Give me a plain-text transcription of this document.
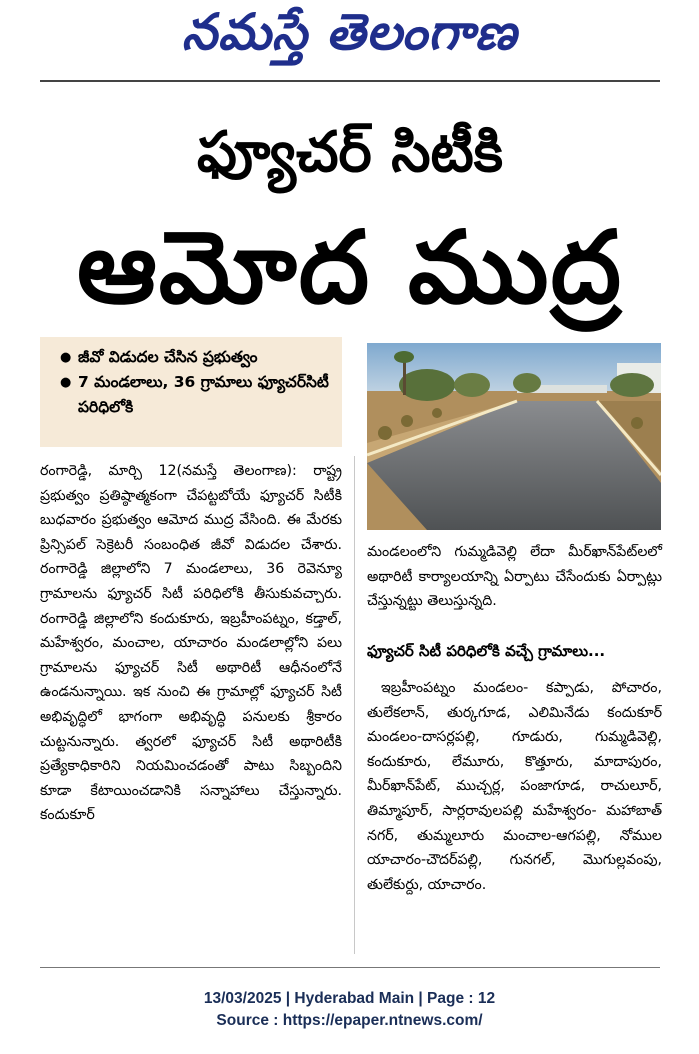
నమస్తే తెలంగాణ
ఫ్యూచర్ సిటీకి
ఆమోద ముద్ర
● జీవో విడుదల చేసిన ప్రభుత్వం
● 7 మండలాలు, 36 గ్రామాలు ఫ్యూచర్‌సిటీ పరిధిలోకి

రంగారెడ్డి, మార్చి 12(నమస్తే తెలంగాణ): రాష్ట్ర ప్రభుత్వం ప్రతిష్ఠాత్మకంగా చేపట్టబోయే ఫ్యూచర్ సిటీకి బుధవారం ప్రభుత్వం ఆమోద ముద్ర వేసింది. ఈ మేరకు ప్రిన్సిపల్ సెక్రెటరీ సంబంధిత జీవో విడుదల చేశారు. రంగారెడ్డి జిల్లాలోని 7 మండలాలు, 36 రెవెన్యూ గ్రామాలను ఫ్యూచర్ సిటీ పరిధిలోకి తీసుకువచ్చారు. రంగారెడ్డి జిల్లాలోని కందుకూరు, ఇబ్రహీంపట్నం, కడ్తాల్, మహేశ్వరం, మంచాల, యాచారం మండలాల్లోని పలు గ్రామాలను ఫ్యూచర్ సిటీ అథారిటీ ఆధీనంలోనే ఉండనున్నాయి. ఇక నుంచి ఈ గ్రామాల్లో ఫ్యూచర్ సిటీ అభివృద్ధిలో భాగంగా అభివృద్ధి పనులకు శ్రీకారం చుట్టనున్నారు. త్వరలో ఫ్యూచర్ సిటీ అథారిటీకి ప్రత్యేకాధికారిని నియమించడంతో పాటు సిబ్బందిని కూడా కేటాయించడానికి సన్నాహాలు చేస్తున్నారు. కందుకూర్

మండలంలోని గుమ్మడివెల్లి లేదా మీర్‌ఖాన్‌పేట్‌లలో అథారిటీ కార్యాలయాన్ని ఏర్పాటు చేసేందుకు ఏర్పాట్లు చేస్తున్నట్టు తెలుస్తున్నది.

ఫ్యూచర్ సిటీ పరిధిలోకి వచ్చే గ్రామాలు...

ఇబ్రహీంపట్నం మండలం- కప్పాడు, పోచారం, తులేకలాన్, తుర్కగూడ, ఎలిమినేడు కందుకూర్ మండలం-దాసర్లపల్లి, గూడురు, గుమ్మడివెల్లి, కందుకూరు, లేమూరు, కొత్తూరు, మాదాపురం, మీర్‌ఖాన్‌పేట్, ముచ్చర్ల, పంజాగూడ, రాచులూర్, తిమ్మాపూర్, సార్లరావులపల్లి మహేశ్వరం- మహాబాత్ నగర్, తుమ్మలూరు మంచాల-ఆగపల్లి, నోముల యాచారం-చౌదర్‌పల్లి, గునగల్, మొగుల్లవంపు, తులేకుర్దు, యాచారం.

13/03/2025 | Hyderabad Main | Page : 12
Source : https://epaper.ntnews.com/
